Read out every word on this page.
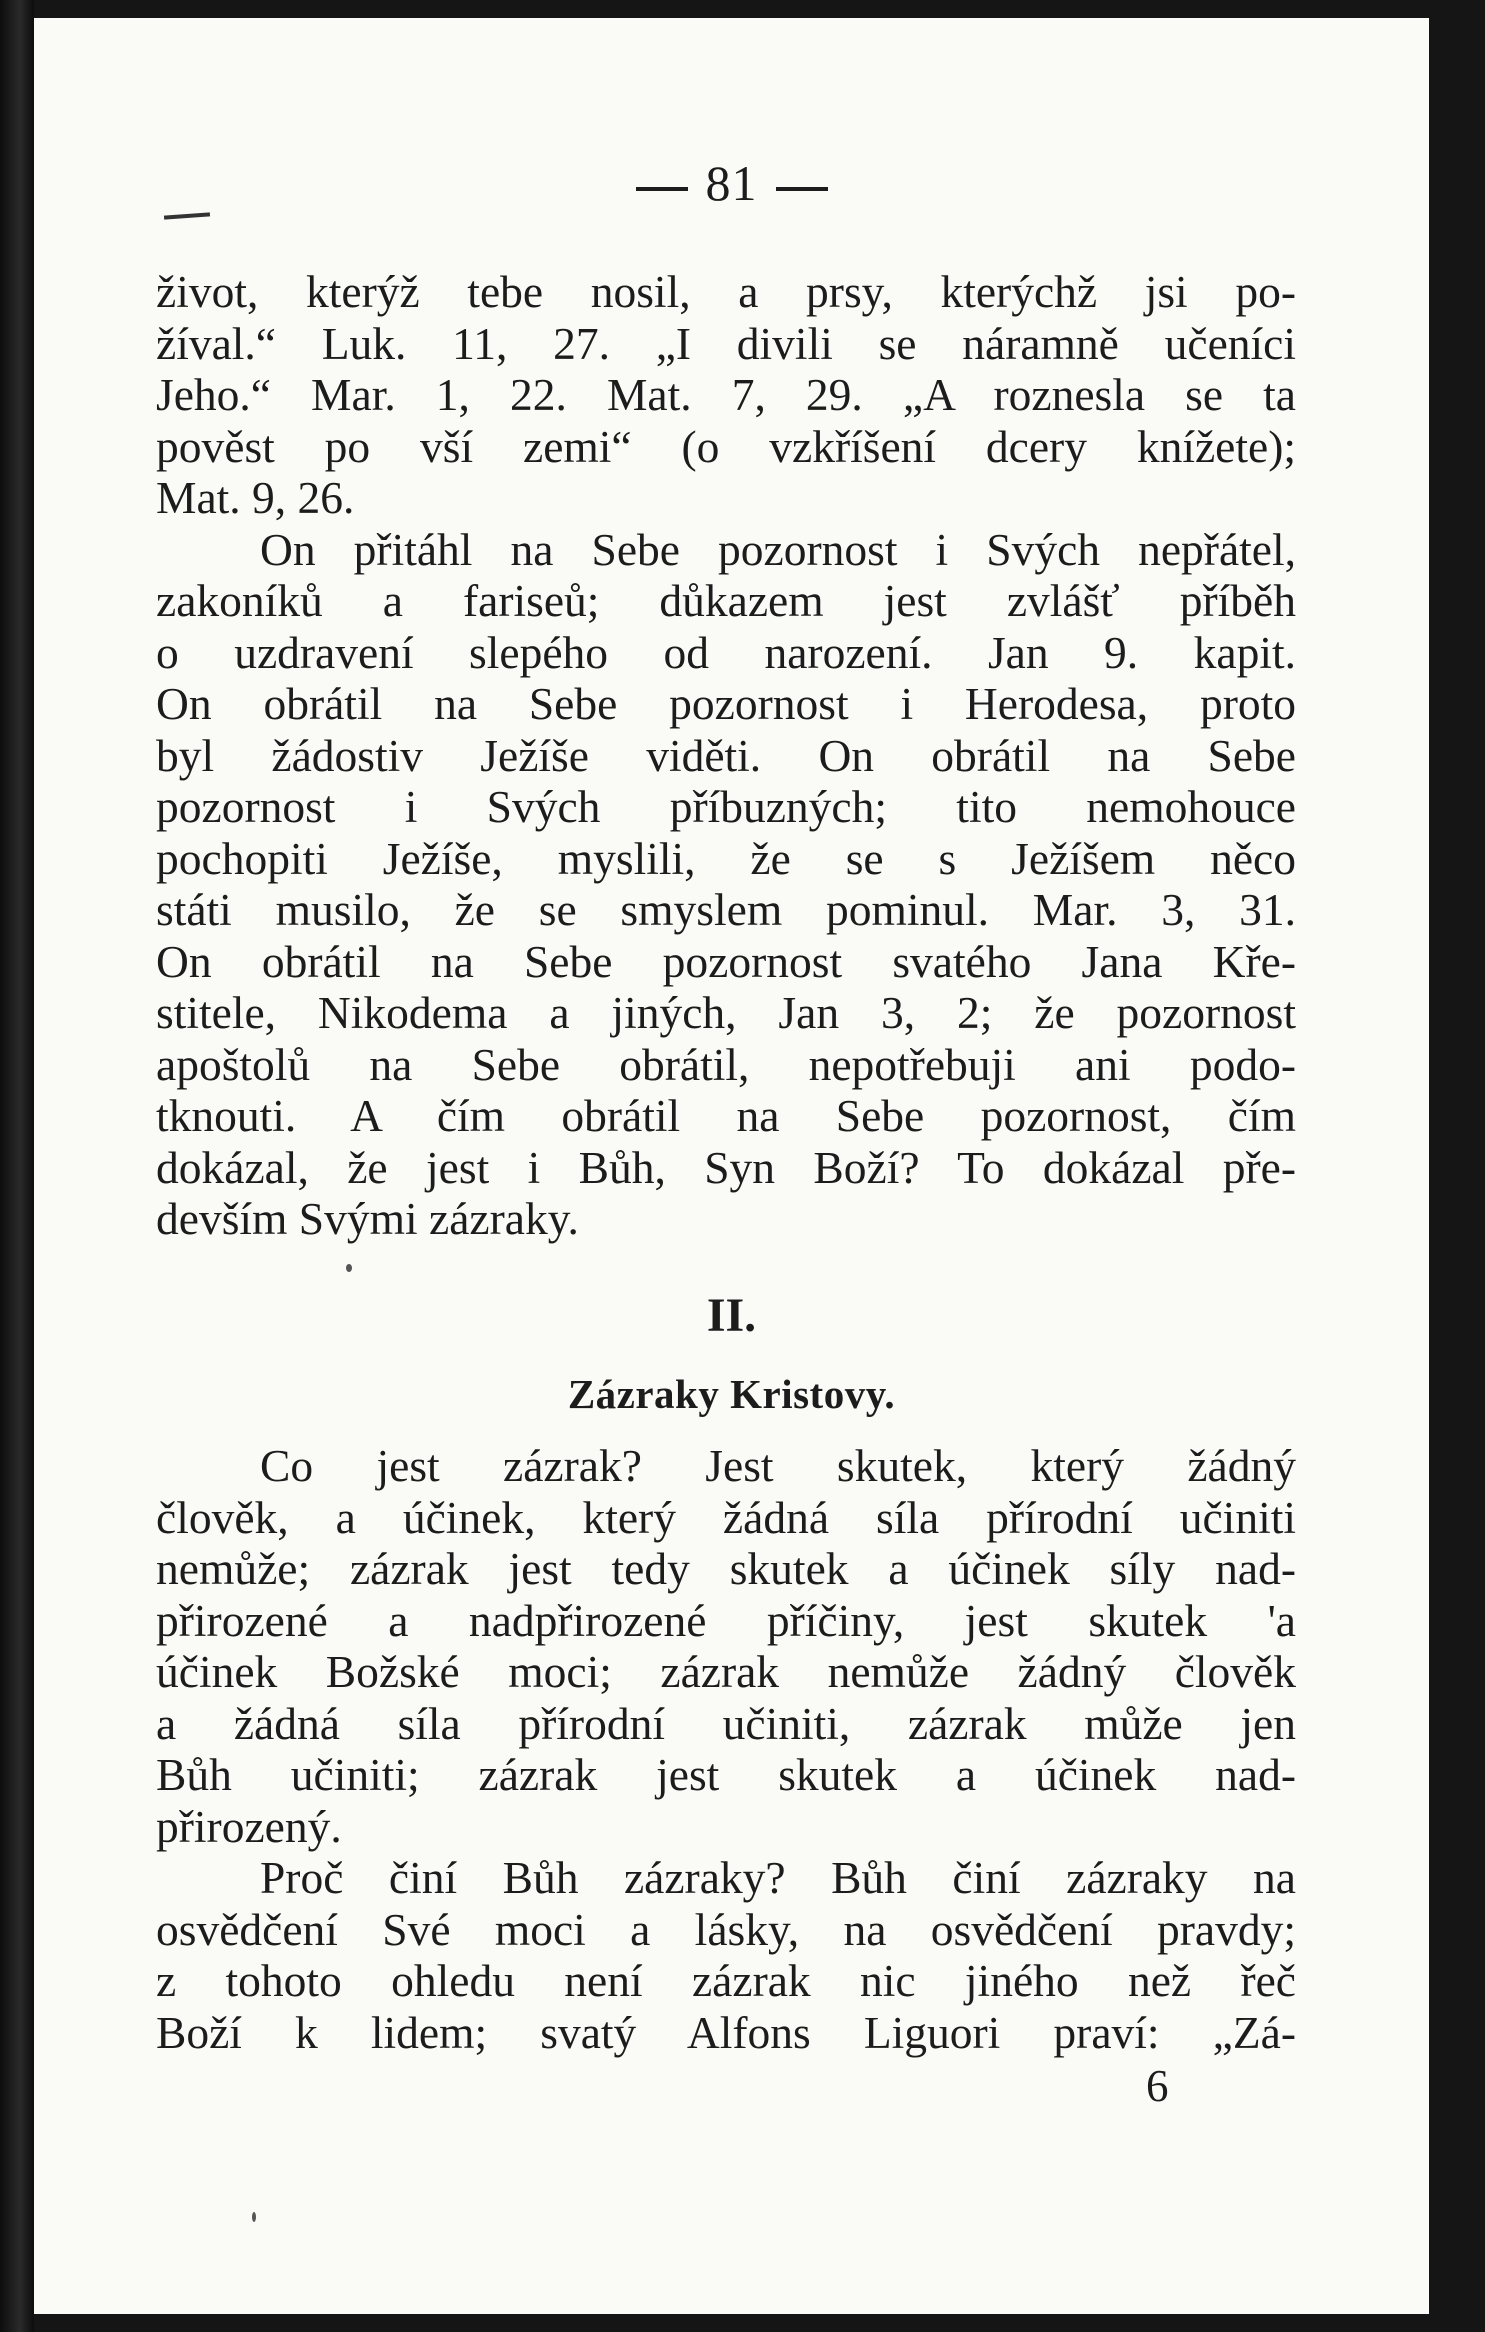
81
život, kterýž tebe nosil, a prsy, kterýchž jsi po-
žíval.“ Luk. 11, 27. „I divili se náramně učeníci
Jeho.“ Mar. 1, 22. Mat. 7, 29. „A roznesla se ta
pověst po vší zemi“ (o vzkříšení dcery knížete);
Mat. 9, 26.
On přitáhl na Sebe pozornost i Svých nepřátel,
zakoníků a fariseů; důkazem jest zvlášť příběh
o uzdravení slepého od narození. Jan 9. kapit.
On obrátil na Sebe pozornost i Herodesa, proto
byl žádostiv Ježíše viděti. On obrátil na Sebe
pozornost i Svých příbuzných; tito nemohouce
pochopiti Ježíše, myslili, že se s Ježíšem něco
státi musilo, že se smyslem pominul. Mar. 3, 31.
On obrátil na Sebe pozornost svatého Jana Kře-
stitele, Nikodema a jiných, Jan 3, 2; že pozornost
apoštolů na Sebe obrátil, nepotřebuji ani podo-
tknouti. A čím obrátil na Sebe pozornost, čím
dokázal, že jest i Bůh, Syn Boží? To dokázal pře-
devším Svými zázraky.
II.
Zázraky Kristovy.
Co jest zázrak? Jest skutek, který žádný
člověk, a účinek, který žádná síla přírodní učiniti
nemůže; zázrak jest tedy skutek a účinek síly nad-
přirozené a nadpřirozené příčiny, jest skutek 'a
účinek Božské moci; zázrak nemůže žádný člověk
a žádná síla přírodní učiniti, zázrak může jen
Bůh učiniti; zázrak jest skutek a účinek nad-
přirozený.
Proč činí Bůh zázraky? Bůh činí zázraky na
osvědčení Své moci a lásky, na osvědčení pravdy;
z tohoto ohledu není zázrak nic jiného než řeč
Boží k lidem; svatý Alfons Liguori praví: „Zá-
6
